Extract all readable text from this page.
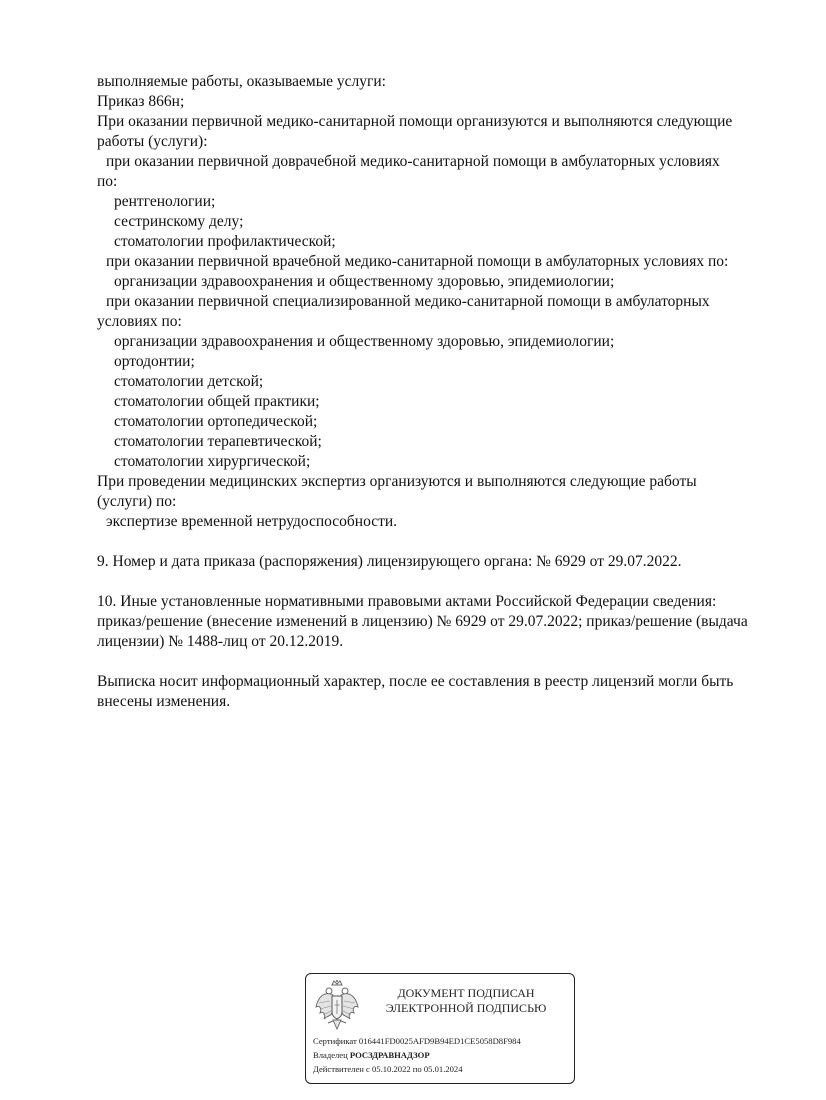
выполняемые работы, оказываемые услуги:
Приказ 866н;
При оказании первичной медико-санитарной помощи организуются и выполняются следующие
работы (услуги):
при оказании первичной доврачебной медико-санитарной помощи в амбулаторных условиях
по:
рентгенологии;
сестринскому делу;
стоматологии профилактической;
при оказании первичной врачебной медико-санитарной помощи в амбулаторных условиях по:
организации здравоохранения и общественному здоровью, эпидемиологии;
при оказании первичной специализированной медико-санитарной помощи в амбулаторных
условиях по:
организации здравоохранения и общественному здоровью, эпидемиологии;
ортодонтии;
стоматологии детской;
стоматологии общей практики;
стоматологии ортопедической;
стоматологии терапевтической;
стоматологии хирургической;
При проведении медицинских экспертиз организуются и выполняются следующие работы
(услуги) по:
экспертизе временной нетрудоспособности.
9. Номер и дата приказа (распоряжения) лицензирующего органа: № 6929 от 29.07.2022.
10. Иные установленные нормативными правовыми актами Российской Федерации сведения:
приказ/решение (внесение изменений в лицензию) № 6929 от 29.07.2022; приказ/решение (выдача
лицензии) № 1488-лиц от 20.12.2019.
Выписка носит информационный характер, после ее составления в реестр лицензий могли быть
внесены изменения.
ДОКУМЕНТ ПОДПИСАН
ЭЛЕКТРОННОЙ ПОДПИСЬЮ
Сертификат 016441FD0025AFD9B94ED1CE5058D8F984
Владелец РОСЗДРАВНАДЗОР
Действителен с 05.10.2022 по 05.01.2024
